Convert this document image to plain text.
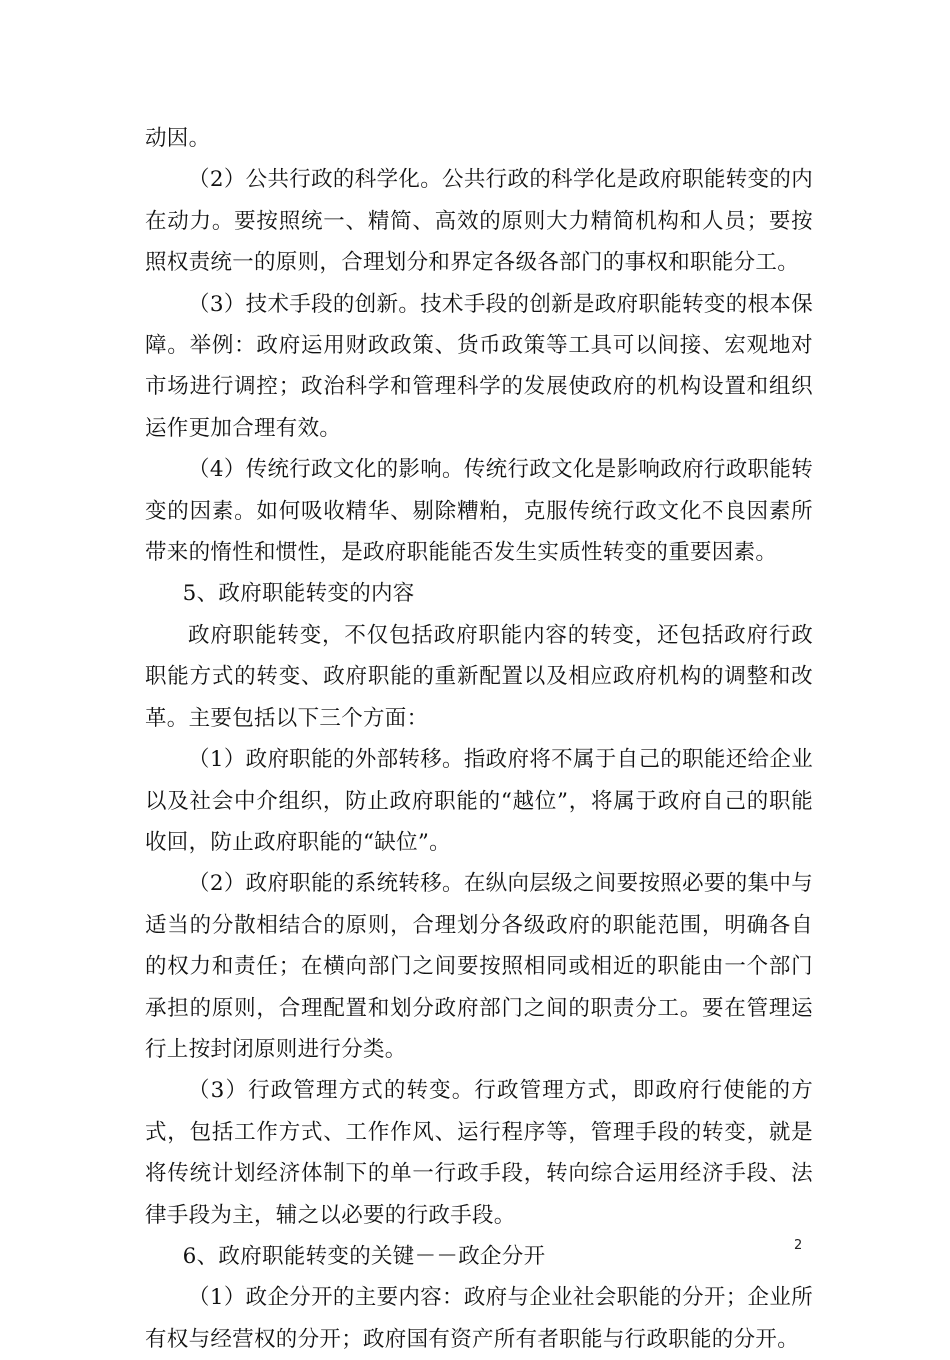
动因。

（2）公共行政的科学化。公共行政的科学化是政府职能转变的内在动力。要按照统一、精简、高效的原则大力精简机构和人员；要按照权责统一的原则，合理划分和界定各级各部门的事权和职能分工。

（3）技术手段的创新。技术手段的创新是政府职能转变的根本保障。举例：政府运用财政政策、货币政策等工具可以间接、宏观地对市场进行调控；政治科学和管理科学的发展使政府的机构设置和组织运作更加合理有效。

（4）传统行政文化的影响。传统行政文化是影响政府行政职能转变的因素。如何吸收精华、剔除糟粕，克服传统行政文化不良因素所带来的惰性和惯性，是政府职能能否发生实质性转变的重要因素。

5、政府职能转变的内容

政府职能转变，不仅包括政府职能内容的转变，还包括政府行政职能方式的转变、政府职能的重新配置以及相应政府机构的调整和改革。主要包括以下三个方面：

（1）政府职能的外部转移。指政府将不属于自己的职能还给企业以及社会中介组织，防止政府职能的“越位”，将属于政府自己的职能收回，防止政府职能的“缺位”。

（2）政府职能的系统转移。在纵向层级之间要按照必要的集中与适当的分散相结合的原则，合理划分各级政府的职能范围，明确各自的权力和责任；在横向部门之间要按照相同或相近的职能由一个部门承担的原则，合理配置和划分政府部门之间的职责分工。要在管理运行上按封闭原则进行分类。

（3）行政管理方式的转变。行政管理方式，即政府行使能的方式，包括工作方式、工作作风、运行程序等，管理手段的转变，就是将传统计划经济体制下的单一行政手段，转向综合运用经济手段、法律手段为主，辅之以必要的行政手段。

6、政府职能转变的关键－－政企分开

（1）政企分开的主要内容：政府与企业社会职能的分开；企业所有权与经营权的分开；政府国有资产所有者职能与行政职能的分开。

2
